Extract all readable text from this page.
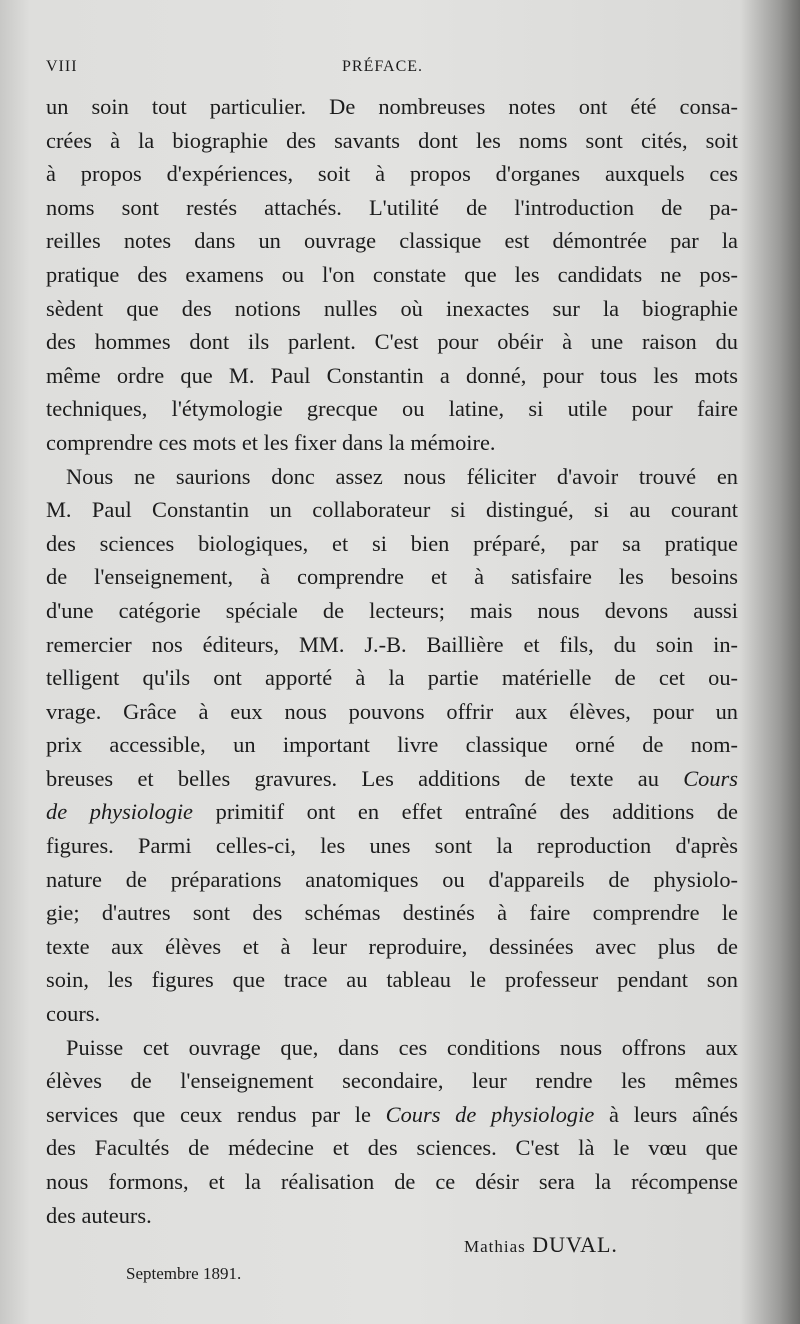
VIII	PRÉFACE.
un soin tout particulier. De nombreuses notes ont été consa-
crées à la biographie des savants dont les noms sont cités, soit
à propos d'expériences, soit à propos d'organes auxquels ces
noms sont restés attachés. L'utilité de l'introduction de pa-
reilles notes dans un ouvrage classique est démontrée par la
pratique des examens ou l'on constate que les candidats ne pos-
sèdent que des notions nulles où inexactes sur la biographie
des hommes dont ils parlent. C'est pour obéir à une raison du
même ordre que M. Paul Constantin a donné, pour tous les mots
techniques, l'étymologie grecque ou latine, si utile pour faire
comprendre ces mots et les fixer dans la mémoire.
Nous ne saurions donc assez nous féliciter d'avoir trouvé en
M. Paul Constantin un collaborateur si distingué, si au courant
des sciences biologiques, et si bien préparé, par sa pratique
de l'enseignement, à comprendre et à satisfaire les besoins
d'une catégorie spéciale de lecteurs; mais nous devons aussi
remercier nos éditeurs, MM. J.-B. Baillière et fils, du soin in-
telligent qu'ils ont apporté à la partie matérielle de cet ou-
vrage. Grâce à eux nous pouvons offrir aux élèves, pour un
prix accessible, un important livre classique orné de nom-
breuses et belles gravures. Les additions de texte au Cours
de physiologie primitif ont en effet entraîné des additions de
figures. Parmi celles-ci, les unes sont la reproduction d'après
nature de préparations anatomiques ou d'appareils de physiolo-
gie; d'autres sont des schémas destinés à faire comprendre le
texte aux élèves et à leur reproduire, dessinées avec plus de
soin, les figures que trace au tableau le professeur pendant son
cours.
Puisse cet ouvrage que, dans ces conditions nous offrons aux
élèves de l'enseignement secondaire, leur rendre les mêmes
services que ceux rendus par le Cours de physiologie à leurs aînés
des Facultés de médecine et des sciences. C'est là le vœu que
nous formons, et la réalisation de ce désir sera la récompense
des auteurs.
Mathias DUVAL.
Septembre 1891.
